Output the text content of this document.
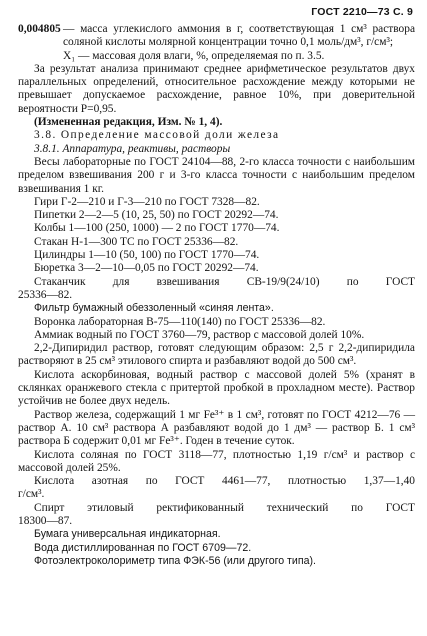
ГОСТ 2210—73 С. 9
0,004805 — масса углекислого аммония в г, соответствующая 1 см³ раствора соляной кислоты молярной концентрации точно 0,1 моль/дм³, г/см³;

X₁ — массовая доля влаги, %, определяемая по п. 3.5.

За результат анализа принимают среднее арифметическое результатов двух параллельных определений, относительное расхождение между которыми не превышает допускаемое расхождение, равное 10%, при доверительной вероятности P=0,95.

(Измененная редакция, Изм. № 1, 4).

3.8. Определение массовой доли железа

3.8.1. Аппаратура, реактивы, растворы

Весы лабораторные по ГОСТ 24104—88, 2-го класса точности с наибольшим пределом взвешивания 200 г и 3-го класса точности с наибольшим пределом взвешивания 1 кг.

Гири Г-2—210 и Г-3—210 по ГОСТ 7328—82.

Пипетки 2—2—5 (10, 25, 50) по ГОСТ 20292—74.

Колбы 1—100 (250, 1000) — 2 по ГОСТ 1770—74.

Стакан Н-1—300 ТС по ГОСТ 25336—82.

Цилиндры 1—10 (50, 100) по ГОСТ 1770—74.

Бюретка 3—2—10—0,05 по ГОСТ 20292—74.

Стаканчик для взвешивания СВ-19/9(24/10) по ГОСТ

25336—82.

Фильтр бумажный обеззоленный «синяя лента».

Воронка лабораторная В-75—110(140) по ГОСТ 25336—82.

Аммиак водный по ГОСТ 3760—79, раствор с массовой долей 10%.

2,2-Дипиридил раствор, готовят следующим образом: 2,5 г 2,2-дипиридила растворяют в 25 см³ этилового спирта и разбавляют водой до 500 см³.

Кислота аскорбиновая, водный раствор с массовой долей 5% (хранят в склянках оранжевого стекла с притертой пробкой в прохладном месте). Раствор устойчив не более двух недель.

Раствор железа, содержащий 1 мг Fe³⁺ в 1 см³, готовят по ГОСТ 4212—76 — раствор А. 10 см³ раствора А разбавляют водой до 1 дм³ — раствор Б. 1 см³ раствора Б содержит 0,01 мг Fe³⁺. Годен в течение суток.

Кислота соляная по ГОСТ 3118—77, плотностью 1,19 г/см³ и раствор с массовой долей 25%.

Кислота азотная по ГОСТ 4461—77, плотностью 1,37—1,40

г/см³.

Спирт этиловый ректификованный технический по ГОСТ

18300—87.

Бумага универсальная индикаторная.

Вода дистиллированная по ГОСТ 6709—72.

Фотоэлектроколориметр типа ФЭК-56 (или другого типа).
